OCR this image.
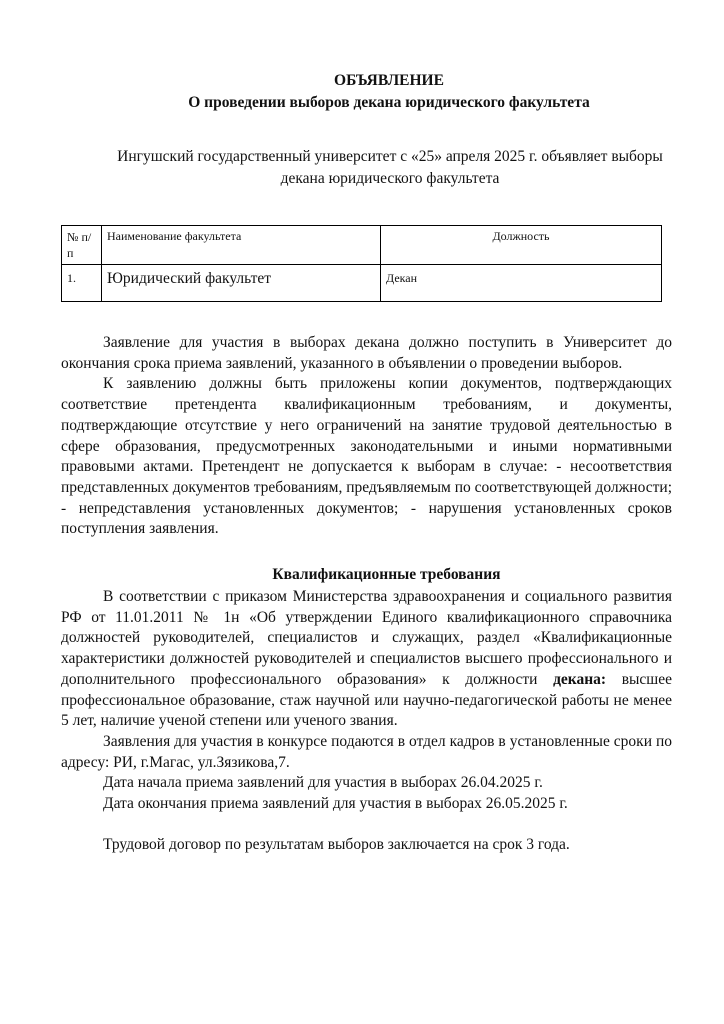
ОБЪЯВЛЕНИЕ
О проведении выборов декана юридического факультета
Ингушский государственный университет с «25» апреля 2025 г. объявляет выборы декана юридического факультета
№ п/п	Наименование факультета	Должность
1.	Юридический факультет	Декан

Заявление для участия в выборах декана должно поступить в Университет до окончания срока приема заявлений, указанного в объявлении о проведении выборов.

К заявлению должны быть приложены копии документов, подтверждающих соответствие претендента квалификационным требованиям, и документы, подтверждающие отсутствие у него ограничений на занятие трудовой деятельностью в сфере образования, предусмотренных законодательными и иными нормативными правовыми актами. Претендент не допускается к выборам в случае: - несоответствия представленных документов требованиям, предъявляемым по соответствующей должности; - непредставления установленных документов; - нарушения установленных сроков поступления заявления.

Квалификационные требования

В соответствии с приказом Министерства здравоохранения и социального развития РФ от 11.01.2011 № 1н «Об утверждении Единого квалификационного справочника должностей руководителей, специалистов и служащих, раздел «Квалификационные характеристики должностей руководителей и специалистов высшего профессионального и дополнительного профессионального образования» к должности декана: высшее профессиональное образование, стаж научной или научно-педагогической работы не менее 5 лет, наличие ученой степени или ученого звания.

Заявления для участия в конкурсе подаются в отдел кадров в установленные сроки по адресу: РИ, г.Магас, ул.Зязикова,7.

Дата начала приема заявлений для участия в выборах 26.04.2025 г.

Дата окончания приема заявлений для участия в выборах 26.05.2025 г.

Трудовой договор по результатам выборов заключается на срок 3 года.
